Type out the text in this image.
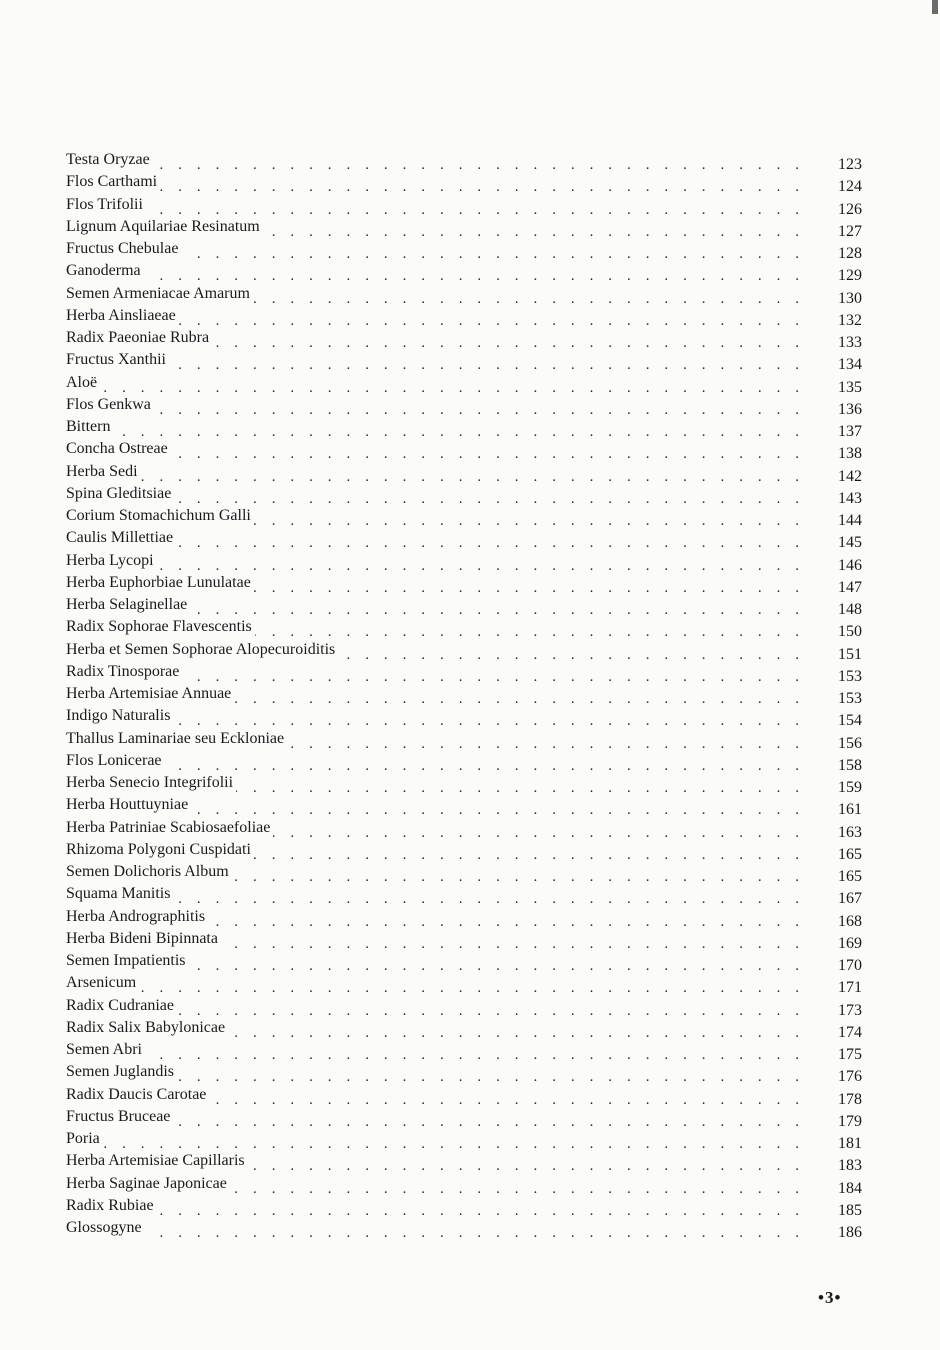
Testa Oryzae . . .	123
Flos Carthami . . .	124
Flos Trifolii . . .	126
Lignum Aquilariae Resinatum . . .	127
Fructus Chebulae . . .	128
Ganoderma . . .	129
Semen Armeniacae Amarum . . .	130
Herba Ainsliaeae . . .	132
Radix Paeoniae Rubra . . .	133
Fructus Xanthii . . .	134
Aloë . . .	135
Flos Genkwa . . .	136
Bittern . . .	137
Concha Ostreae . . .	138
Herba Sedi . . .	142
Spina Gleditsiae . . .	143
Corium Stomachichum Galli . . .	144
Caulis Millettiae . . .	145
Herba Lycopi . . .	146
Herba Euphorbiae Lunulatae . . .	147
Herba Selaginellae . . .	148
Radix Sophorae Flavescentis . . .	150
Herba et Semen Sophorae Alopecuroiditis . . .	151
Radix Tinosporae . . .	153
Herba Artemisiae Annuae . . .	153
Indigo Naturalis . . .	154
Thallus Laminariae seu Eckloniae . . .	156
Flos Lonicerae . . .	158
Herba Senecio Integrifolii . . .	159
Herba Houttuyniae . . .	161
Herba Patriniae Scabiosaefoliae . . .	163
Rhizoma Polygoni Cuspidati . . .	165
Semen Dolichoris Album . . .	165
Squama Manitis . . .	167
Herba Andrographitis . . .	168
Herba Bideni Bipinnata . . .	169
Semen Impatientis . . .	170
Arsenicum . . .	171
Radix Cudraniae . . .	173
Radix Salix Babylonicae . . .	174
Semen Abri . . .	175
Semen Juglandis . . .	176
Radix Daucis Carotae . . .	178
Fructus Bruceae . . .	179
Poria . . .	181
Herba Artemisiae Capillaris . . .	183
Herba Saginae Japonicae . . .	184
Radix Rubiae . . .	185
Glossogyne . . .	186
•3•
